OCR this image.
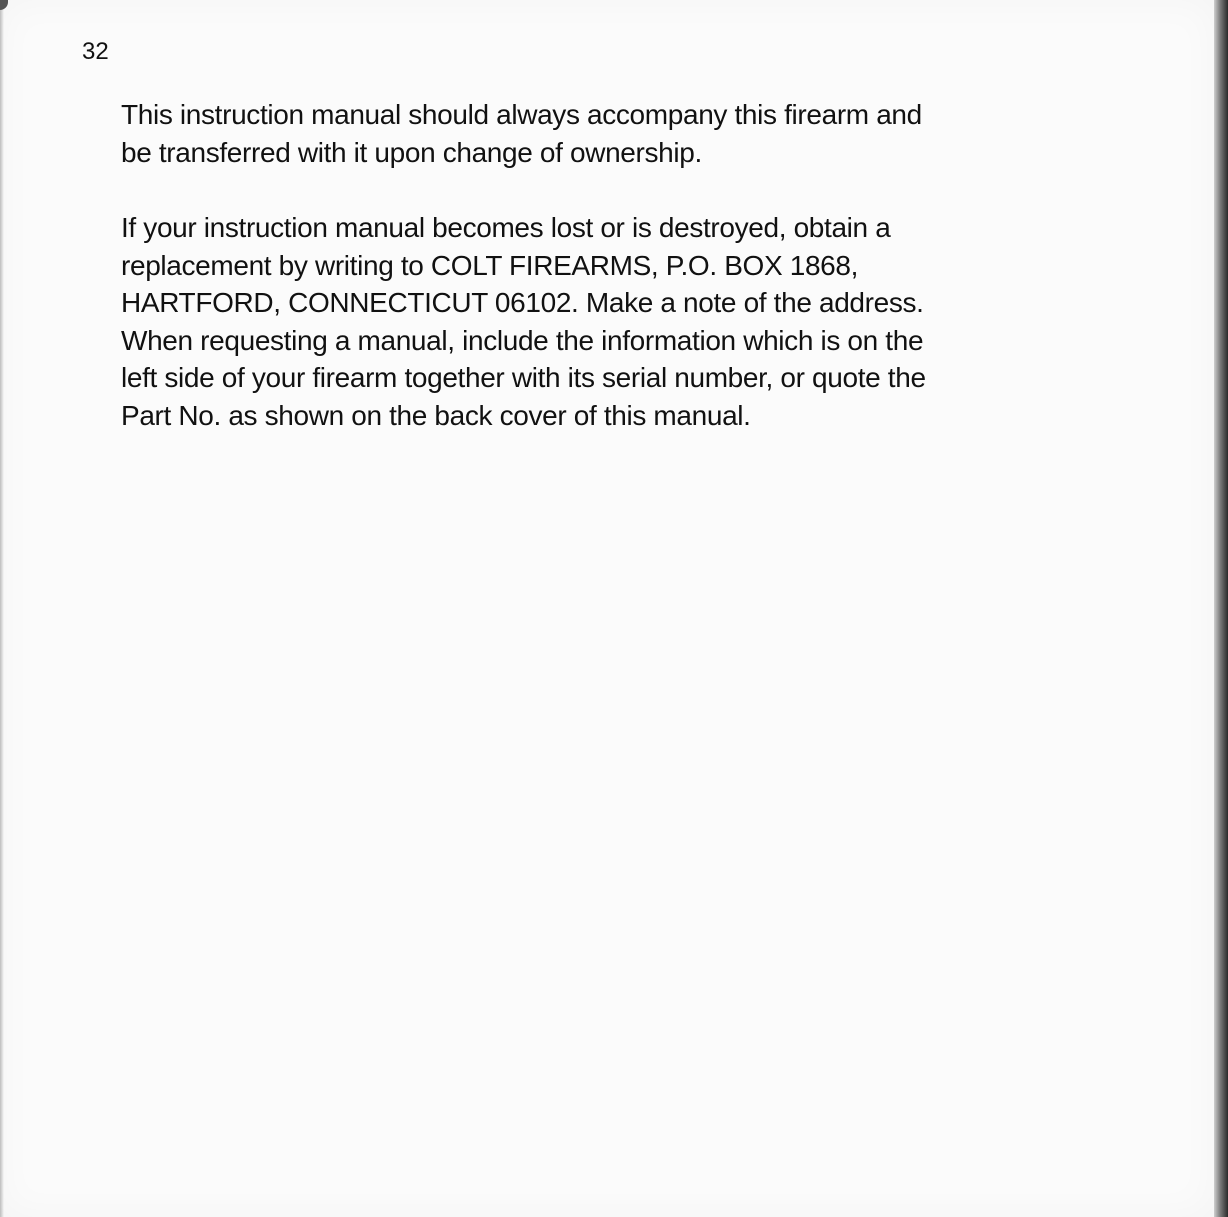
32

This instruction manual should always accompany this firearm and
be transferred with it upon change of ownership.

If your instruction manual becomes lost or is destroyed, obtain a
replacement by writing to COLT FIREARMS, P.O. BOX 1868,
HARTFORD, CONNECTICUT 06102. Make a note of the address.
When requesting a manual, include the information which is on the
left side of your firearm together with its serial number, or quote the
Part No. as shown on the back cover of this manual.
